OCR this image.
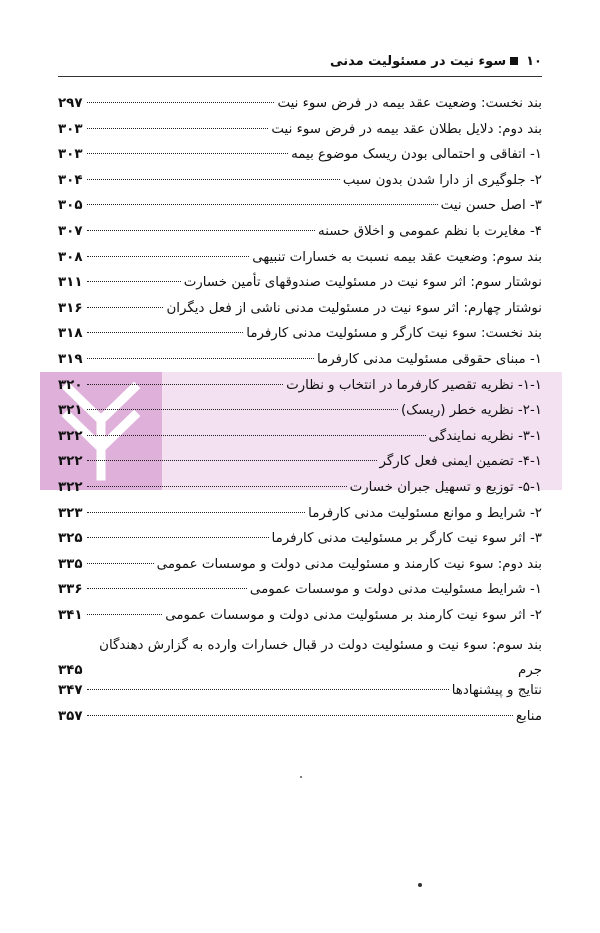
۱۰
سوء نیت در مسئولیت مدنی
بند نخست: وضعیت عقد بیمه در فرض سوء نیت
۲۹۷
بند دوم: دلایل بطلان عقد بیمه در فرض سوء نیت
۳۰۳
۱- اتفاقی و احتمالی بودن ریسک موضوع بیمه
۳۰۳
۲- جلوگیری از دارا شدن بدون سبب
۳۰۴
۳- اصل حسن نیت
۳۰۵
۴- مغایرت با نظم عمومی و اخلاق حسنه
۳۰۷
بند سوم: وضعیت عقد بیمه نسبت به خسارات تنبیهی
۳۰۸
نوشتار سوم: اثر سوء نیت در مسئولیت صندوقهای تأمین خسارت
۳۱۱
نوشتار چهارم: اثر سوء نیت در مسئولیت مدنی ناشی از فعل دیگران
۳۱۶
بند نخست: سوء نیت کارگر و مسئولیت مدنی کارفرما
۳۱۸
۱- مبنای حقوقی مسئولیت مدنی کارفرما
۳۱۹
۱-۱- نظریه تقصیر کارفرما در انتخاب و نظارت
۳۲۰
۲-۱- نظریه خطر (ریسک)
۳۲۱
۳-۱- نظریه نمایندگی
۳۲۲
۴-۱- تضمین ایمنی فعل کارگر
۳۲۲
۵-۱- توزیع و تسهیل جبران خسارت
۳۲۲
۲- شرایط و موانع مسئولیت مدنی کارفرما
۳۲۳
۳- اثر سوء نیت کارگر بر مسئولیت مدنی کارفرما
۳۲۵
بند دوم: سوء نیت کارمند و مسئولیت مدنی دولت و موسسات عمومی
۳۳۵
۱- شرایط مسئولیت مدنی دولت و موسسات عمومی
۳۳۶
۲- اثر سوء نیت کارمند بر مسئولیت مدنی دولت و موسسات عمومی
۳۴۱
بند سوم: سوء نیت و مسئولیت دولت در قبال خسارات وارده به گزارش دهندگان جرم
۳۴۵
نتایج و پیشنهادها
۳۴۷
منابع
۳۵۷
